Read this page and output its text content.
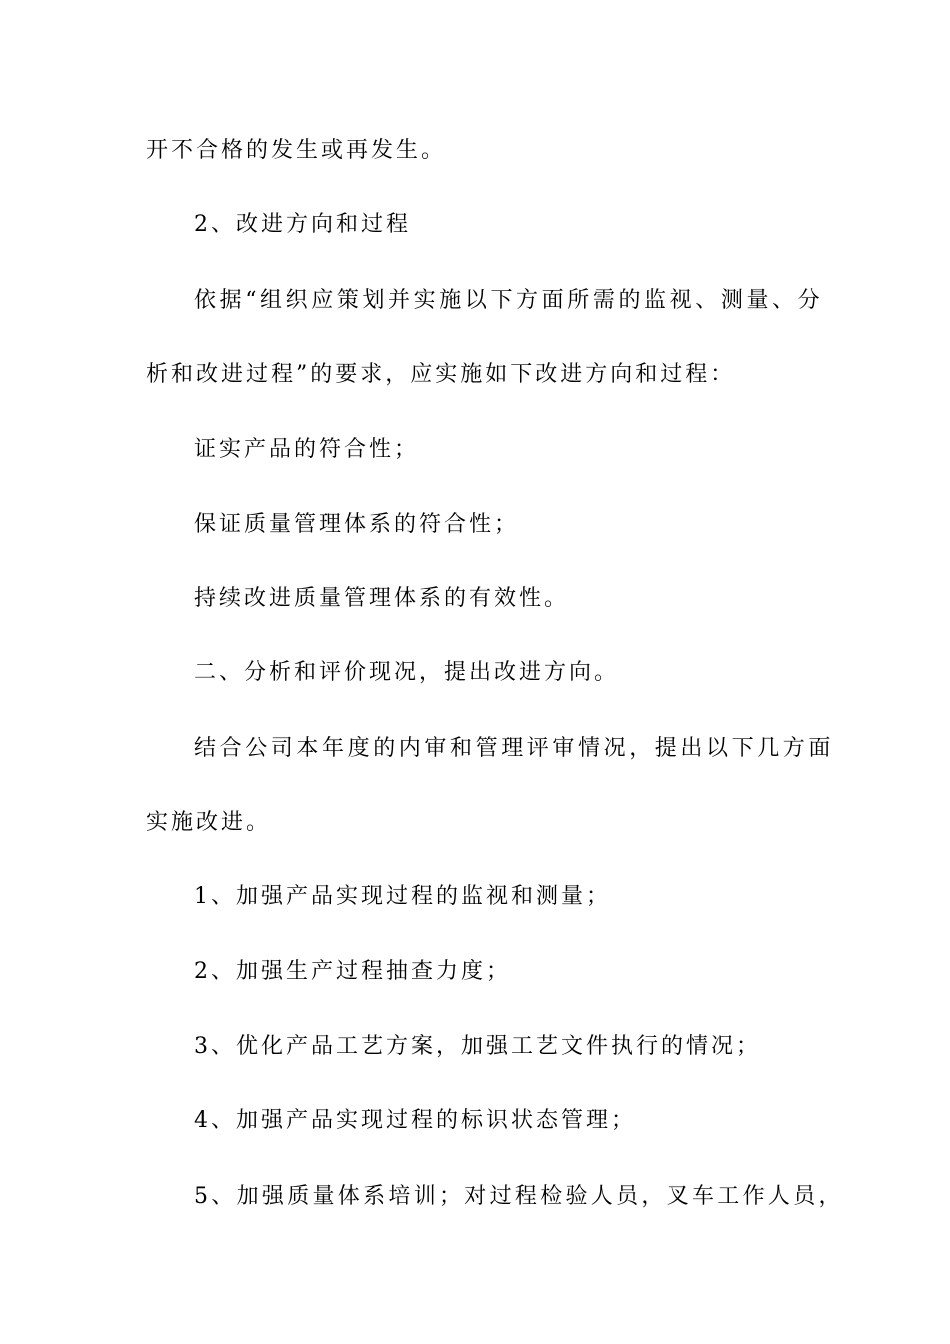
开不合格的发生或再发生。
2、改进方向和过程
依据“组织应策划并实施以下方面所需的监视、测量、分
析和改进过程”的要求，应实施如下改进方向和过程：
证实产品的符合性；
保证质量管理体系的符合性；
持续改进质量管理体系的有效性。
二、分析和评价现况，提出改进方向。
结合公司本年度的内审和管理评审情况，提出以下几方面
实施改进。
1、加强产品实现过程的监视和测量；
2、加强生产过程抽查力度；
3、优化产品工艺方案，加强工艺文件执行的情况；
4、加强产品实现过程的标识状态管理；
5、加强质量体系培训；对过程检验人员，叉车工作人员，
